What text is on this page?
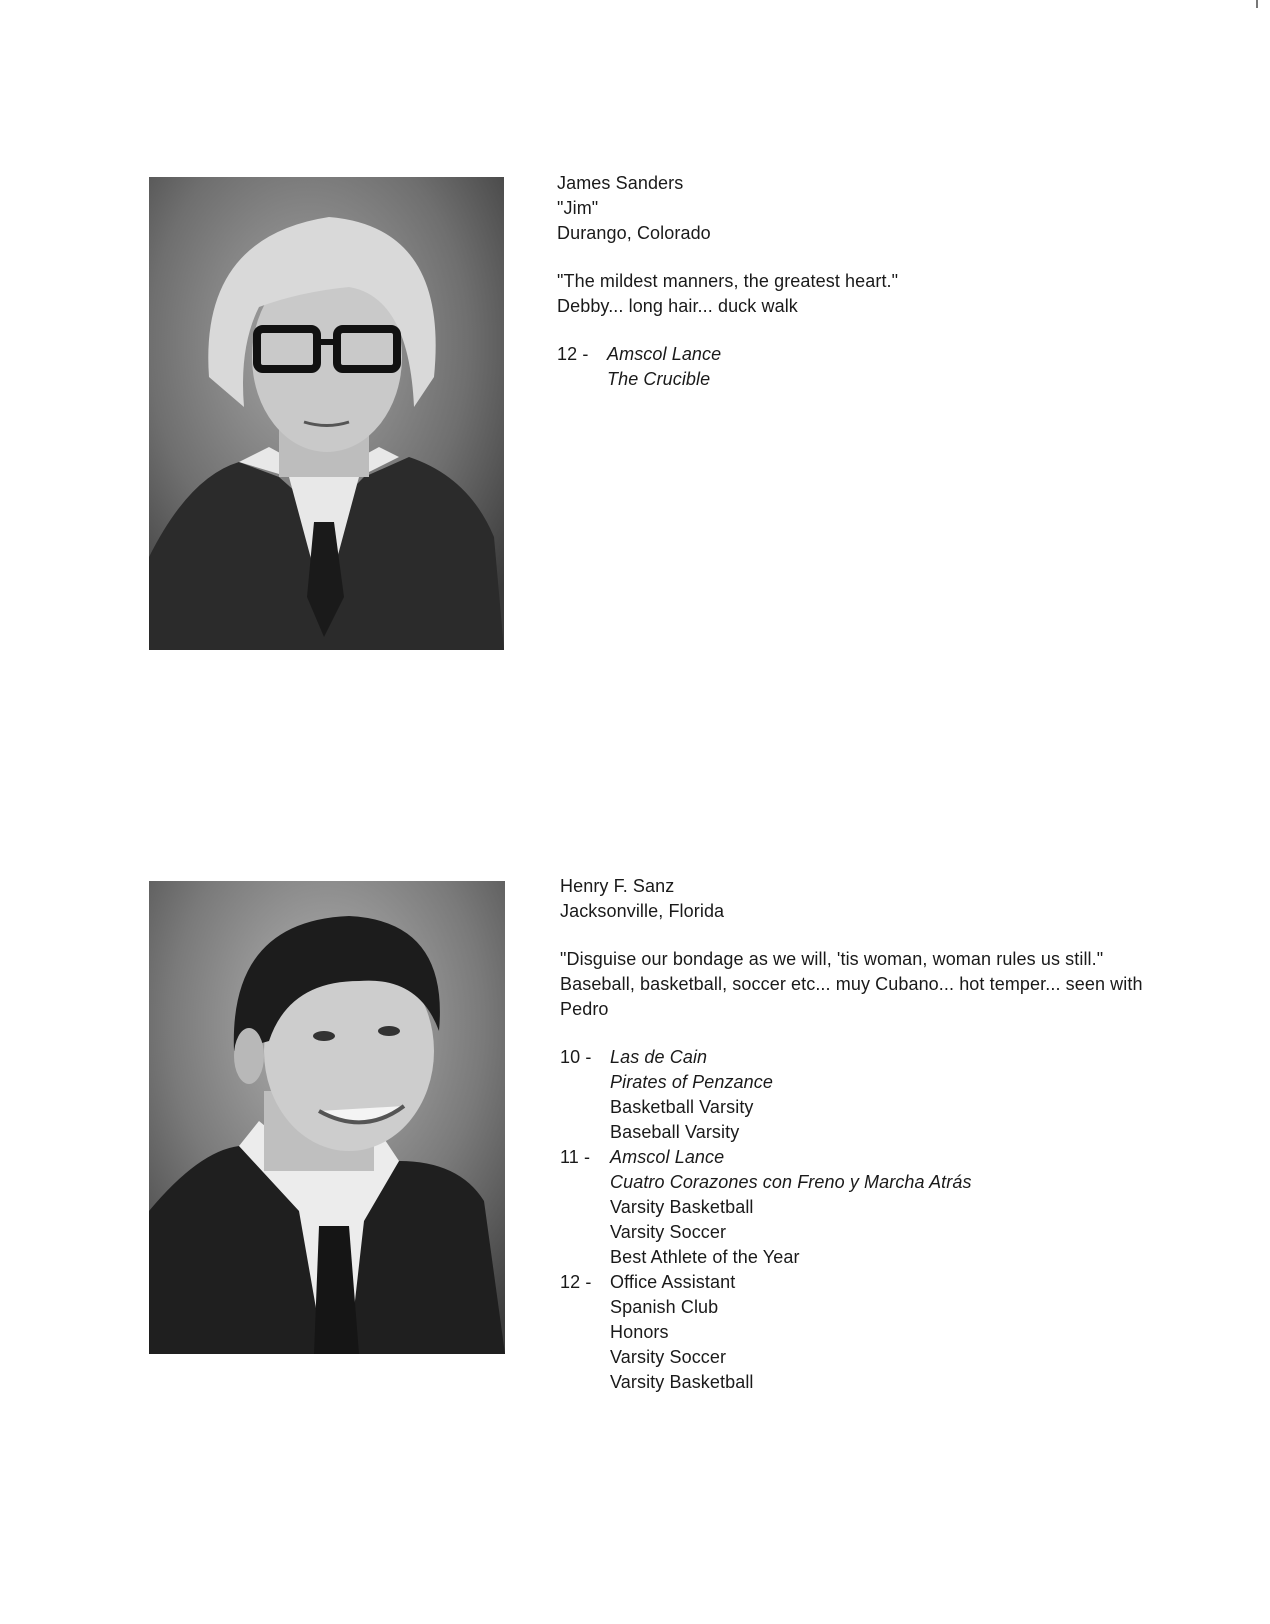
James Sanders
"Jim"
Durango, Colorado
"The mildest manners, the greatest heart."
Debby... long hair... duck walk
12 -	Amscol Lance
The Crucible
Henry F. Sanz
Jacksonville, Florida
"Disguise our bondage as we will, 'tis woman, woman rules us still."
Baseball, basketball, soccer etc... muy Cubano... hot temper... seen with Pedro
10 -	Las de Cain
Pirates of Penzance
Basketball Varsity
Baseball Varsity
11 -	Amscol Lance
Cuatro Corazones con Freno y Marcha Atrás
Varsity Basketball
Varsity Soccer
Best Athlete of the Year
12 -	Office Assistant
Spanish Club
Honors
Varsity Soccer
Varsity Basketball
